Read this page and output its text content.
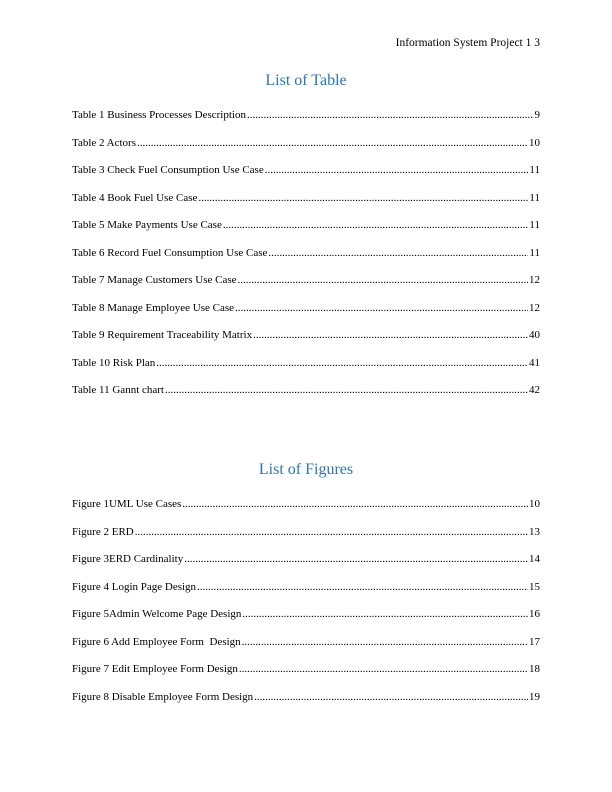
Information System Project 1 3
List of Table
Table 1 Business Processes Description .....	9
Table 2 Actors .....	10
Table 3 Check Fuel Consumption Use Case .....	11
Table 4 Book Fuel Use Case .....	11
Table 5 Make Payments Use Case .....	11
Table 6 Record Fuel Consumption Use Case .....	11
Table 7 Manage Customers Use Case .....	12
Table 8 Manage Employee Use Case .....	12
Table 9 Requirement Traceability Matrix .....	40
Table 10 Risk Plan .....	41
Table 11 Gannt chart .....	42
List of Figures
Figure 1UML Use Cases .....	10
Figure 2 ERD .....	13
Figure 3ERD Cardinality .....	14
Figure 4 Login Page Design .....	15
Figure 5Admin Welcome Page Design .....	16
Figure 6 Add Employee Form  Design .....	17
Figure 7 Edit Employee Form Design .....	18
Figure 8 Disable Employee Form Design .....	19
